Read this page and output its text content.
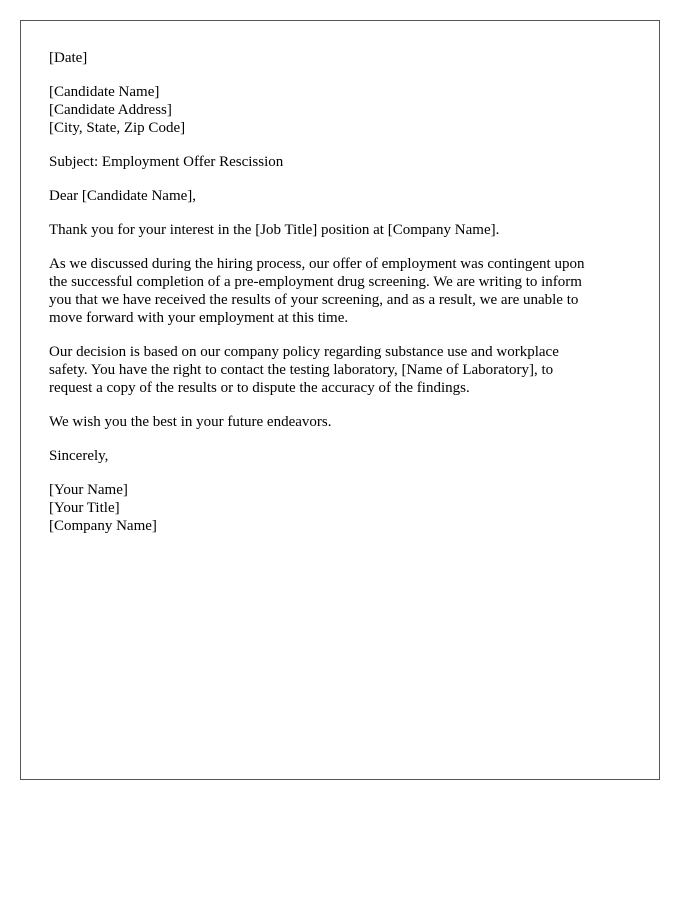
[Date]
[Candidate Name]
[Candidate Address]
[City, State, Zip Code]
Subject: Employment Offer Rescission
Dear [Candidate Name],
Thank you for your interest in the [Job Title] position at [Company Name].
As we discussed during the hiring process, our offer of employment was contingent upon
the successful completion of a pre-employment drug screening. We are writing to inform
you that we have received the results of your screening, and as a result, we are unable to
move forward with your employment at this time.
Our decision is based on our company policy regarding substance use and workplace
safety. You have the right to contact the testing laboratory, [Name of Laboratory], to
request a copy of the results or to dispute the accuracy of the findings.
We wish you the best in your future endeavors.
Sincerely,
[Your Name]
[Your Title]
[Company Name]
